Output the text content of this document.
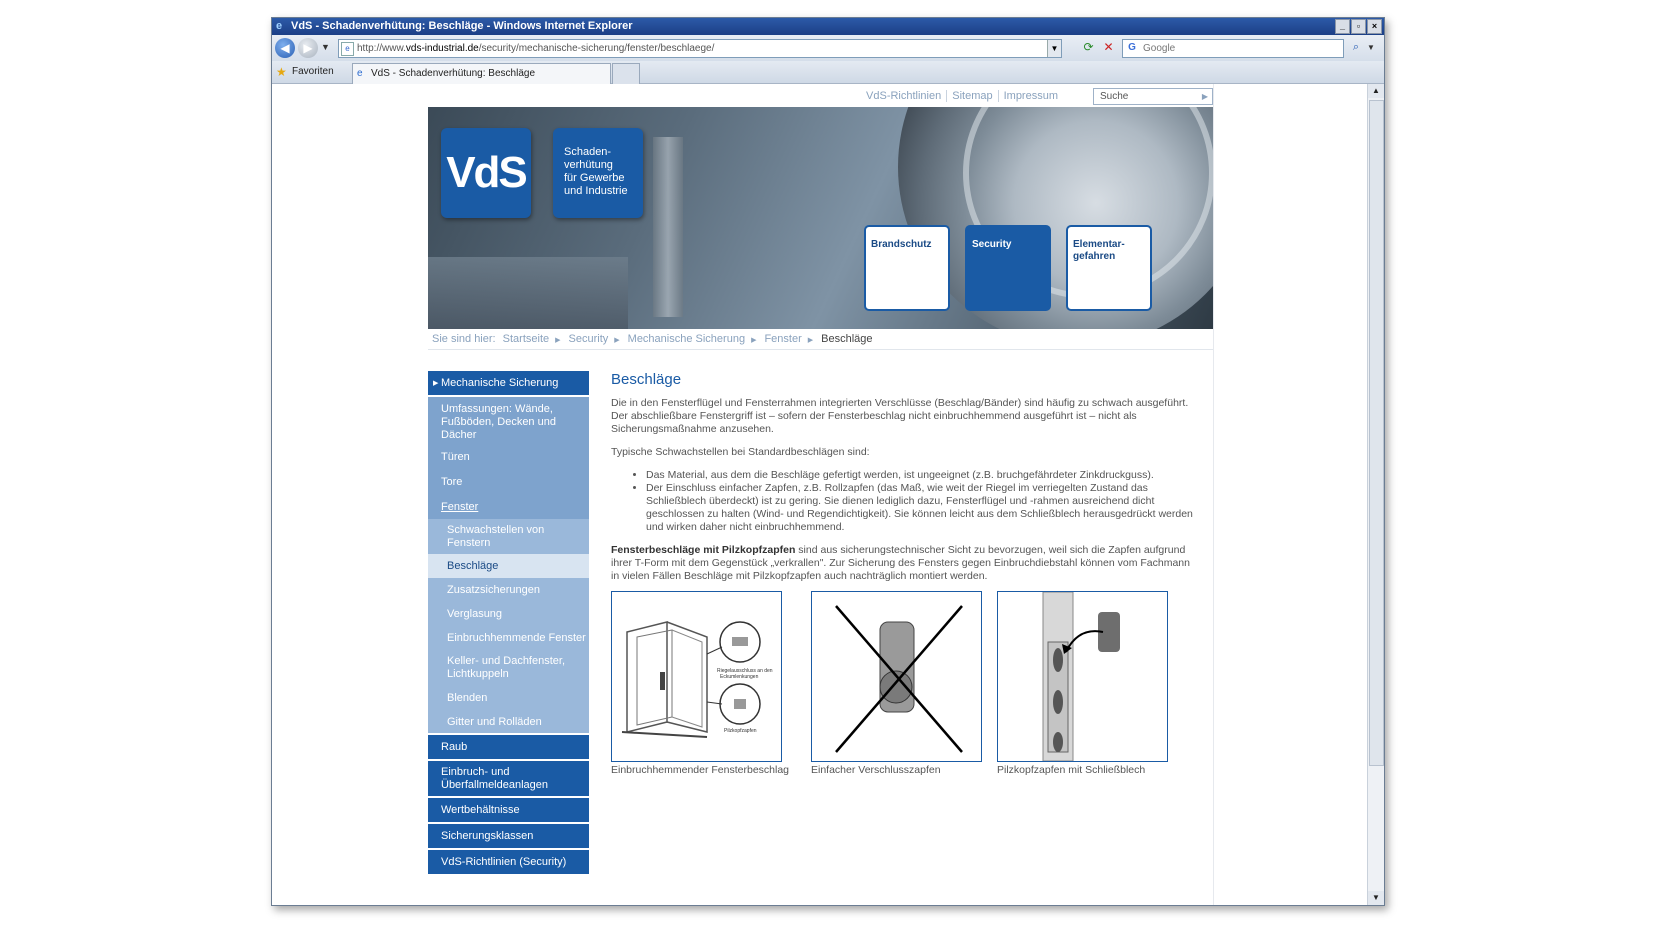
e VdS - Schadenverhütung: Beschläge - Windows Internet Explorer	_	▫	×
◀	▶ ▼	e http://www.vds-industrial.de/security/mechanische-sicherung/fenster/beschlaege/	▼ ⟳ ✕	G Google	⌕ ▼
★ Favoriten e VdS - Schadenverhütung: Beschläge
VdS-Richtlinien	Sitemap	Impressum	Suche	▶
VdS	Schaden-
verhütung
für Gewerbe
und Industrie
Brandschutz	Security	Elementar-
gefahren
Sie sind hier: Startseite ▶ Security ▶ Mechanische Sicherung ▶ Fenster ▶ Beschläge
▶ Mechanische Sicherung
Umfassungen: Wände, Fußböden, Decken und Dächer
Türen
Tore
Fenster
Schwachstellen von Fenstern
Beschläge
Zusatzsicherungen
Verglasung
Einbruchhemmende Fenster
Keller- und Dachfenster, Lichtkuppeln
Blenden
Gitter und Rolläden
Raub
Einbruch- und Überfallmeldeanlagen
Wertbehältnisse
Sicherungsklassen
VdS-Richtlinien (Security)
Beschläge

Die in den Fensterflügel und Fensterrahmen integrierten Verschlüsse (Beschlag/Bänder) sind häufig zu schwach ausgeführt. Der abschließbare Fenstergriff ist – sofern der Fensterbeschlag nicht einbruchhemmend ausgeführt ist – nicht als Sicherungsmaßnahme anzusehen.

Typische Schwachstellen bei Standardbeschlägen sind:

• Das Material, aus dem die Beschläge gefertigt werden, ist ungeeignet (z.B. bruchgefährdeter Zinkdruckguss).
• Der Einschluss einfacher Zapfen, z.B. Rollzapfen (das Maß, wie weit der Riegel im verriegelten Zustand das Schließblech überdeckt) ist zu gering. Sie dienen lediglich dazu, Fensterflügel und -rahmen ausreichend dicht geschlossen zu halten (Wind- und Regendichtigkeit). Sie können leicht aus dem Schließblech herausgedrückt werden und wirken daher nicht einbruchhemmend.

Fensterbeschläge mit Pilzkopfzapfen sind aus sicherungstechnischer Sicht zu bevorzugen, weil sich die Zapfen aufgrund ihrer T-Form mit dem Gegenstück „verkrallen". Zur Sicherung des Fensters gegen Einbruchdiebstahl können vom Fachmann in vielen Fällen Beschläge mit Pilzkopfzapfen auch nachträglich montiert werden.

Riegelausschluss an den
Eckumlenkungen
Pilzkopfzapfen
Einbruchhemmender Fensterbeschlag Einfacher Verschlusszapfen	Pilzkopfzapfen mit Schließblech
▲
▼
